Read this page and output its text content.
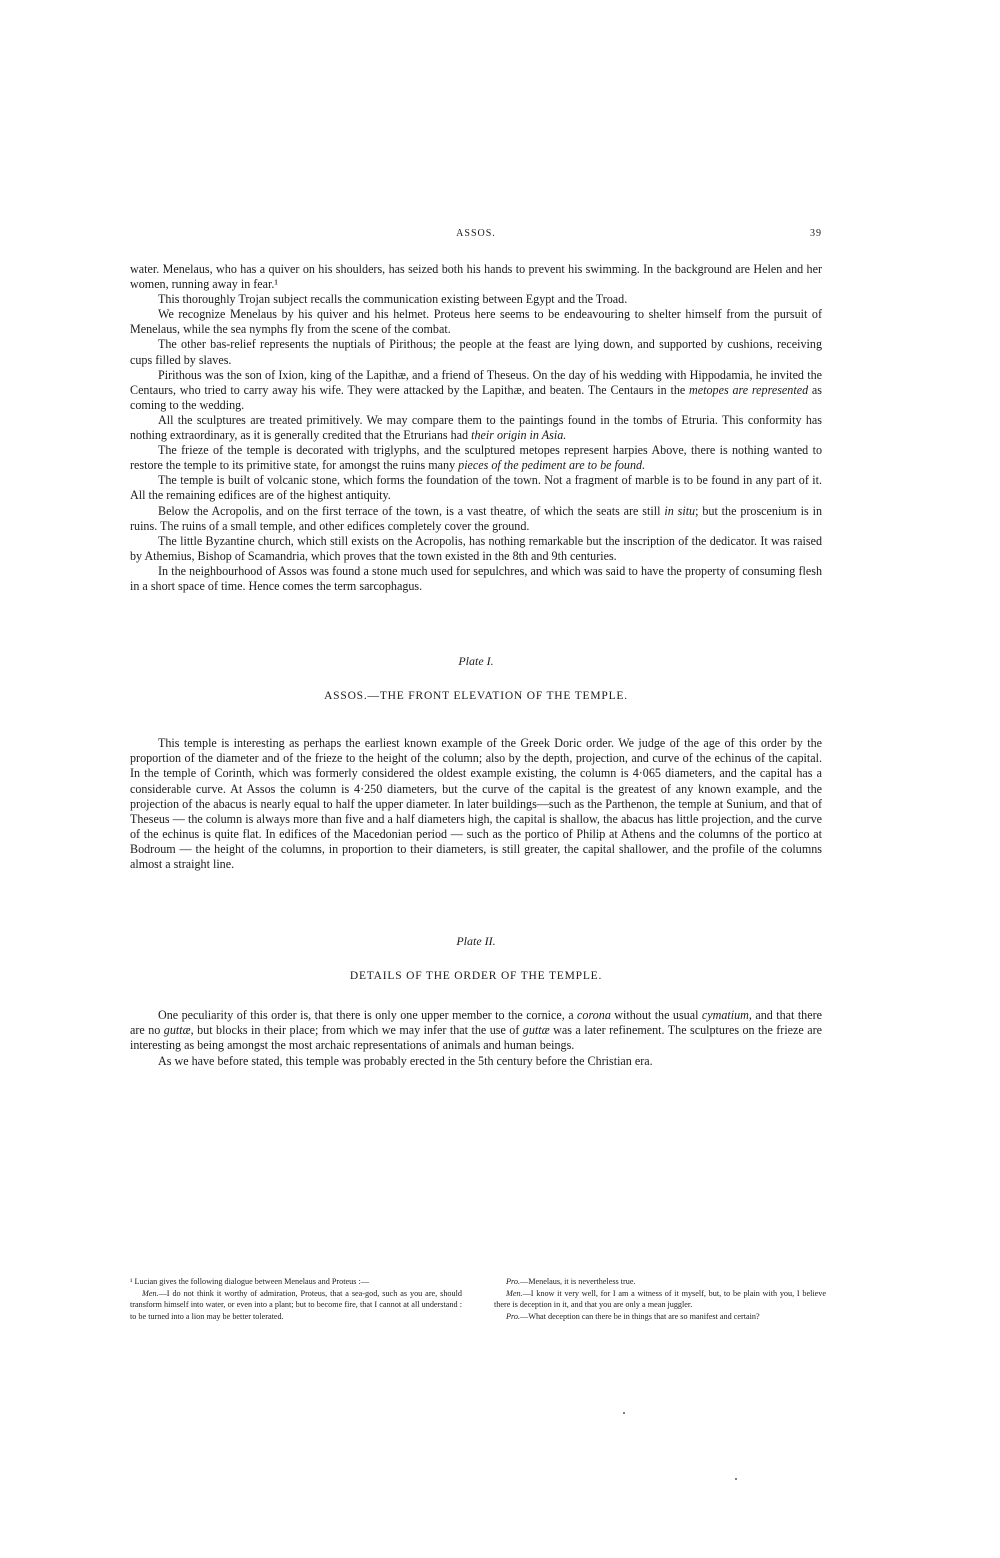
ASSOS.	39

water. Menelaus, who has a quiver on his shoulders, has seized both his hands to prevent his swimming. In the background are Helen and her women, running away in fear.¹

This thoroughly Trojan subject recalls the communication existing between Egypt and the Troad.

We recognize Menelaus by his quiver and his helmet. Proteus here seems to be endeavouring to shelter himself from the pursuit of Menelaus, while the sea nymphs fly from the scene of the combat.

The other bas-relief represents the nuptials of Pirithous; the people at the feast are lying down, and supported by cushions, receiving cups filled by slaves.

Pirithous was the son of Ixion, king of the Lapithæ, and a friend of Theseus. On the day of his wedding with Hippodamia, he invited the Centaurs, who tried to carry away his wife. They were attacked by the Lapithæ, and beaten. The Centaurs in the metopes are represented as coming to the wedding.

All the sculptures are treated primitively. We may compare them to the paintings found in the tombs of Etruria. This conformity has nothing extraordinary, as it is generally credited that the Etrurians had their origin in Asia.

The frieze of the temple is decorated with triglyphs, and the sculptured metopes represent harpies Above, there is nothing wanted to restore the temple to its primitive state, for amongst the ruins many pieces of the pediment are to be found.

The temple is built of volcanic stone, which forms the foundation of the town. Not a fragment of marble is to be found in any part of it. All the remaining edifices are of the highest antiquity.

Below the Acropolis, and on the first terrace of the town, is a vast theatre, of which the seats are still in situ; but the proscenium is in ruins. The ruins of a small temple, and other edifices completely cover the ground.

The little Byzantine church, which still exists on the Acropolis, has nothing remarkable but the inscription of the dedicator. It was raised by Athemius, Bishop of Scamandria, which proves that the town existed in the 8th and 9th centuries.

In the neighbourhood of Assos was found a stone much used for sepulchres, and which was said to have the property of consuming flesh in a short space of time. Hence comes the term sarcophagus.

Plate I.

ASSOS.—THE FRONT ELEVATION OF THE TEMPLE.

This temple is interesting as perhaps the earliest known example of the Greek Doric order. We judge of the age of this order by the proportion of the diameter and of the frieze to the height of the column; also by the depth, projection, and curve of the echinus of the capital. In the temple of Corinth, which was formerly considered the oldest example existing, the column is 4·065 diameters, and the capital has a considerable curve. At Assos the column is 4·250 diameters, but the curve of the capital is the greatest of any known example, and the projection of the abacus is nearly equal to half the upper diameter. In later buildings—such as the Parthenon, the temple at Sunium, and that of Theseus — the column is always more than five and a half diameters high, the capital is shallow, the abacus has little projection, and the curve of the echinus is quite flat. In edifices of the Macedonian period — such as the portico of Philip at Athens and the columns of the portico at Bodroum — the height of the columns, in proportion to their diameters, is still greater, the capital shallower, and the profile of the columns almost a straight line.

Plate II.

DETAILS OF THE ORDER OF THE TEMPLE.

One peculiarity of this order is, that there is only one upper member to the cornice, a corona without the usual cymatium, and that there are no guttæ, but blocks in their place; from which we may infer that the use of guttæ was a later refinement. The sculptures on the frieze are interesting as being amongst the most archaic representations of animals and human beings.

As we have before stated, this temple was probably erected in the 5th century before the Christian era.

¹ Lucian gives the following dialogue between Menelaus and Proteus :—

Men.—I do not think it worthy of admiration, Proteus, that a sea-god, such as you are, should transform himself into water, or even into a plant; but to become fire, that I cannot at all understand : to be turned into a lion may be better tolerated.

Pro.—Menelaus, it is nevertheless true.

Men.—I know it very well, for I am a witness of it myself, but, to be plain with you, I believe there is deception in it, and that you are only a mean juggler.

Pro.—What deception can there be in things that are so manifest and certain?
